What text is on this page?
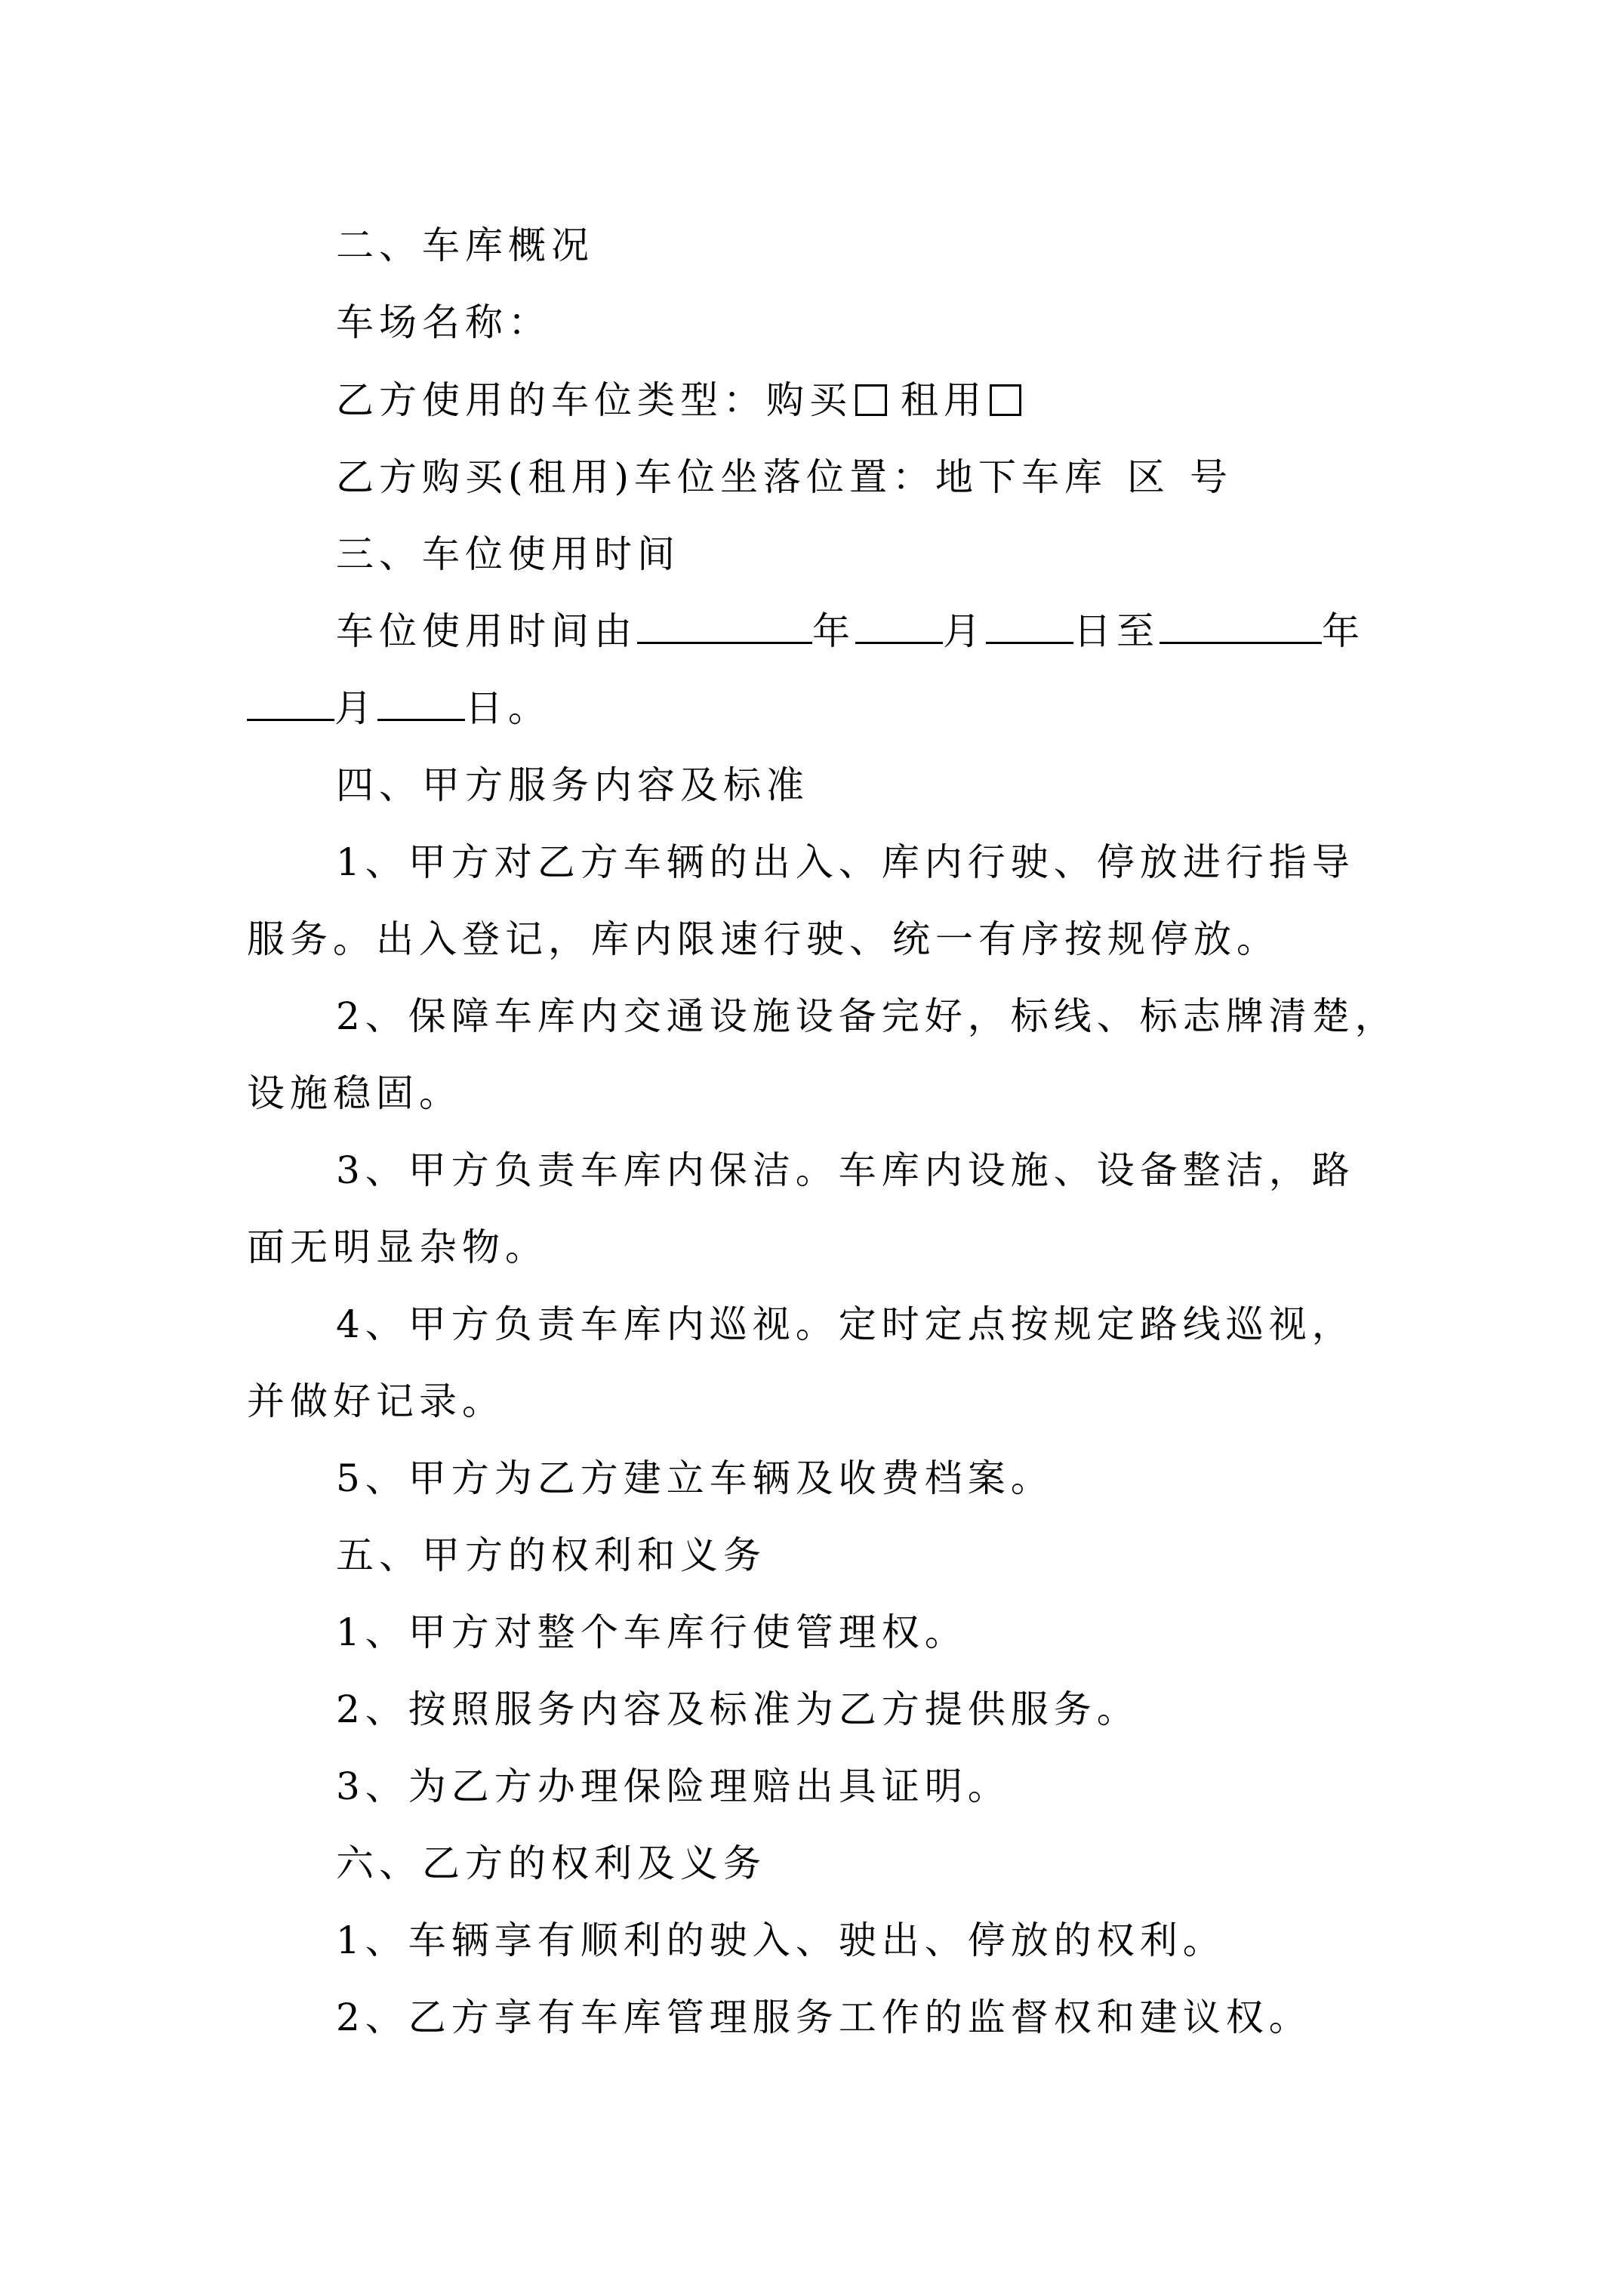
二、车库概况
车场名称：
乙方使用的车位类型：购买 租用
乙方购买(租用)车位坐落位置：地下车库 区 号
三、车位使用时间
车位使用时间由	年 月 日至	年
月 日。
四、甲方服务内容及标准
1、甲方对乙方车辆的出入、库内行驶、停放进行指导
服务。出入登记，库内限速行驶、统一有序按规停放。
2、保障车库内交通设施设备完好，标线、标志牌清楚，
设施稳固。
3、甲方负责车库内保洁。车库内设施、设备整洁，路
面无明显杂物。
4、甲方负责车库内巡视。定时定点按规定路线巡视，
并做好记录。
5、甲方为乙方建立车辆及收费档案。
五、甲方的权利和义务
1、甲方对整个车库行使管理权。
2、按照服务内容及标准为乙方提供服务。
3、为乙方办理保险理赔出具证明。
六、乙方的权利及义务
1、车辆享有顺利的驶入、驶出、停放的权利。
2、乙方享有车库管理服务工作的监督权和建议权。
